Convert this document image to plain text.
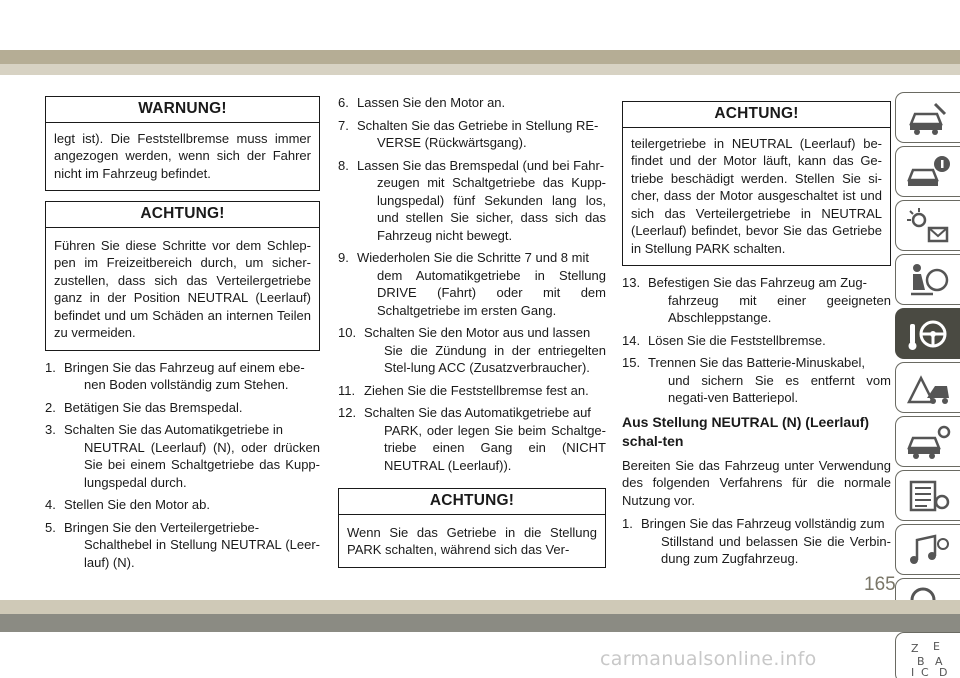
WARNUNG!
legt ist). Die Feststellbremse muss immer angezogen werden, wenn sich der Fahrer nicht im Fahrzeug befindet.
ACHTUNG!
Führen Sie diese Schritte vor dem Schlep-pen im Freizeitbereich durch, um sicher-zustellen, dass sich das Verteilergetriebe ganz in der Position NEUTRAL (Leerlauf) befindet und um Schäden an internen Teilen zu vermeiden.
1. Bringen Sie das Fahrzeug auf einem ebe-
nen Boden vollständig zum Stehen.
2. Betätigen Sie das Bremspedal.
3. Schalten Sie das Automatikgetriebe in
NEUTRAL (Leerlauf) (N), oder drücken Sie bei einem Schaltgetriebe das Kupp-lungspedal durch.
4. Stellen Sie den Motor ab.
5. Bringen Sie den Verteilergetriebe-
Schalthebel in Stellung NEUTRAL (Leer-lauf) (N).
6. Lassen Sie den Motor an.
7. Schalten Sie das Getriebe in Stellung RE-
VERSE (Rückwärtsgang).
8. Lassen Sie das Bremspedal (und bei Fahr-
zeugen mit Schaltgetriebe das Kupp-lungspedal) fünf Sekunden lang los, und stellen Sie sicher, dass sich das Fahrzeug nicht bewegt.
9. Wiederholen Sie die Schritte 7 und 8 mit
dem Automatikgetriebe in Stellung DRIVE (Fahrt) oder mit dem Schaltgetriebe im ersten Gang.
10. Schalten Sie den Motor aus und lassen
Sie die Zündung in der entriegelten Stel-lung ACC (Zusatzverbraucher).
11. Ziehen Sie die Feststellbremse fest an.
12. Schalten Sie das Automatikgetriebe auf
PARK, oder legen Sie beim Schaltge-triebe einen Gang ein (NICHT NEUTRAL (Leerlauf)).
ACHTUNG!
Wenn Sie das Getriebe in die Stellung PARK schalten, während sich das Ver-
ACHTUNG!
teilergetriebe in NEUTRAL (Leerlauf) be-findet und der Motor läuft, kann das Ge-triebe beschädigt werden. Stellen Sie si-cher, dass der Motor ausgeschaltet ist und sich das Verteilergetriebe in NEUTRAL (Leerlauf) befindet, bevor Sie das Getriebe in Stellung PARK schalten.
13. Befestigen Sie das Fahrzeug am Zug-
fahrzeug mit einer geeigneten Abschleppstange.
14. Lösen Sie die Feststellbremse.
15. Trennen Sie das Batterie-Minuskabel,
und sichern Sie es entfernt vom negati-ven Batteriepol.
Aus Stellung NEUTRAL (N) (Leerlauf) schal-ten
Bereiten Sie das Fahrzeug unter Verwendung des folgenden Verfahrens für die normale Nutzung vor.
1. Bringen Sie das Fahrzeug vollständig zum
Stillstand und belassen Sie die Verbin-dung zum Zugfahrzeug.
Z E
B A
I C D
165
carmanualsonline.info
